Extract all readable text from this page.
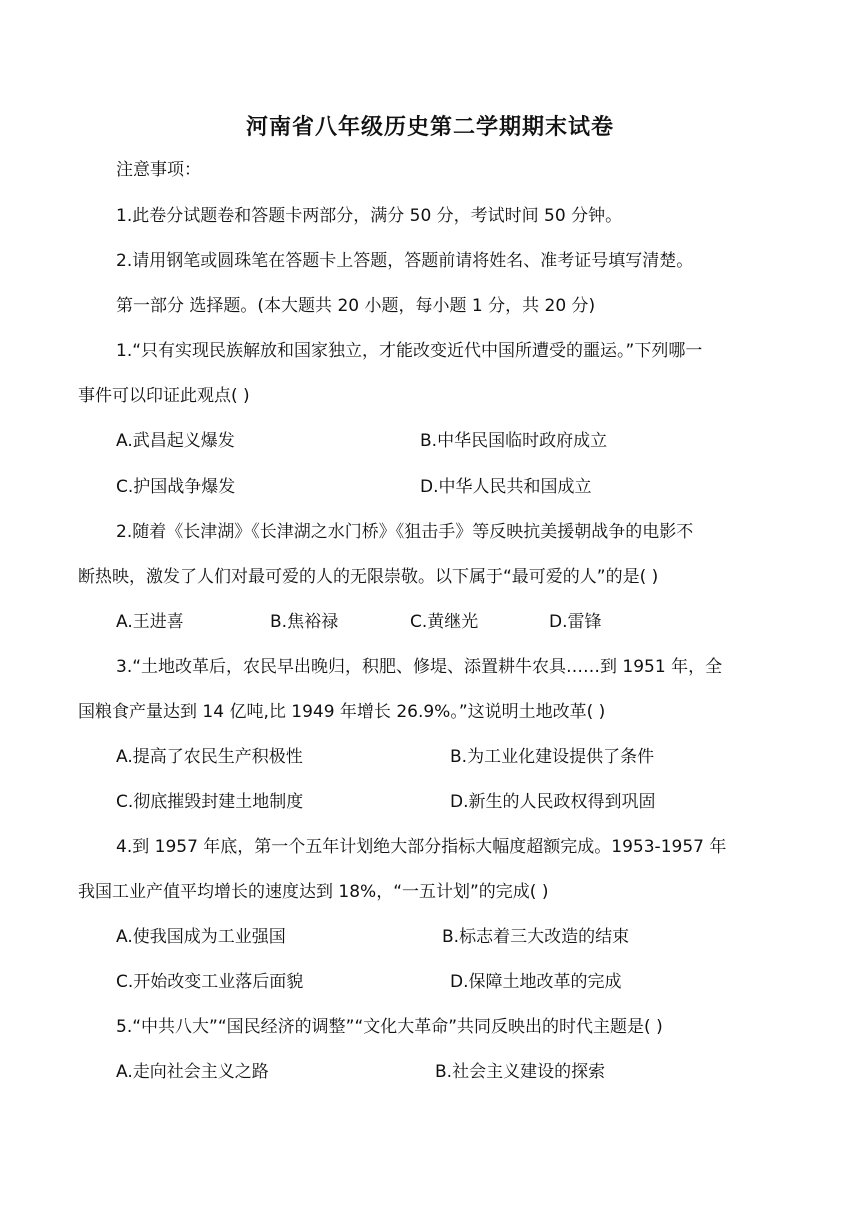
河南省八年级历史第二学期期末试卷
注意事项：
1.此卷分试题卷和答题卡两部分，满分 50 分，考试时间 50 分钟。
2.请用钢笔或圆珠笔在答题卡上答题，答题前请将姓名、准考证号填写清楚。
第一部分 选择题。(本大题共 20 小题，每小题 1 分，共 20 分)
1.“只有实现民族解放和国家独立，才能改变近代中国所遭受的噩运。”下列哪一
事件可以印证此观点( )
A.武昌起义爆发	B.中华民国临时政府成立
C.护国战争爆发	D.中华人民共和国成立
2.随着《长津湖》《长津湖之水门桥》《狙击手》等反映抗美援朝战争的电影不
断热映，激发了人们对最可爱的人的无限崇敬。以下属于“最可爱的人”的是( )
A.王进喜	B.焦裕禄	C.黄继光	D.雷锋
3.“土地改革后，农民早出晚归，积肥、修堤、添置耕牛农具……到 1951 年，全
国粮食产量达到 14 亿吨,比 1949 年增长 26.9%。”这说明土地改革( )
A.提高了农民生产积极性	B.为工业化建设提供了条件
C.彻底摧毁封建土地制度	D.新生的人民政权得到巩固
4.到 1957 年底，第一个五年计划绝大部分指标大幅度超额完成。1953-1957 年
我国工业产值平均增长的速度达到 18%，“一五计划”的完成( )
A.使我国成为工业强国	B.标志着三大改造的结束
C.开始改变工业落后面貌	D.保障土地改革的完成
5.“中共八大”“国民经济的调整”“文化大革命”共同反映出的时代主题是( )
A.走向社会主义之路	B.社会主义建设的探索
